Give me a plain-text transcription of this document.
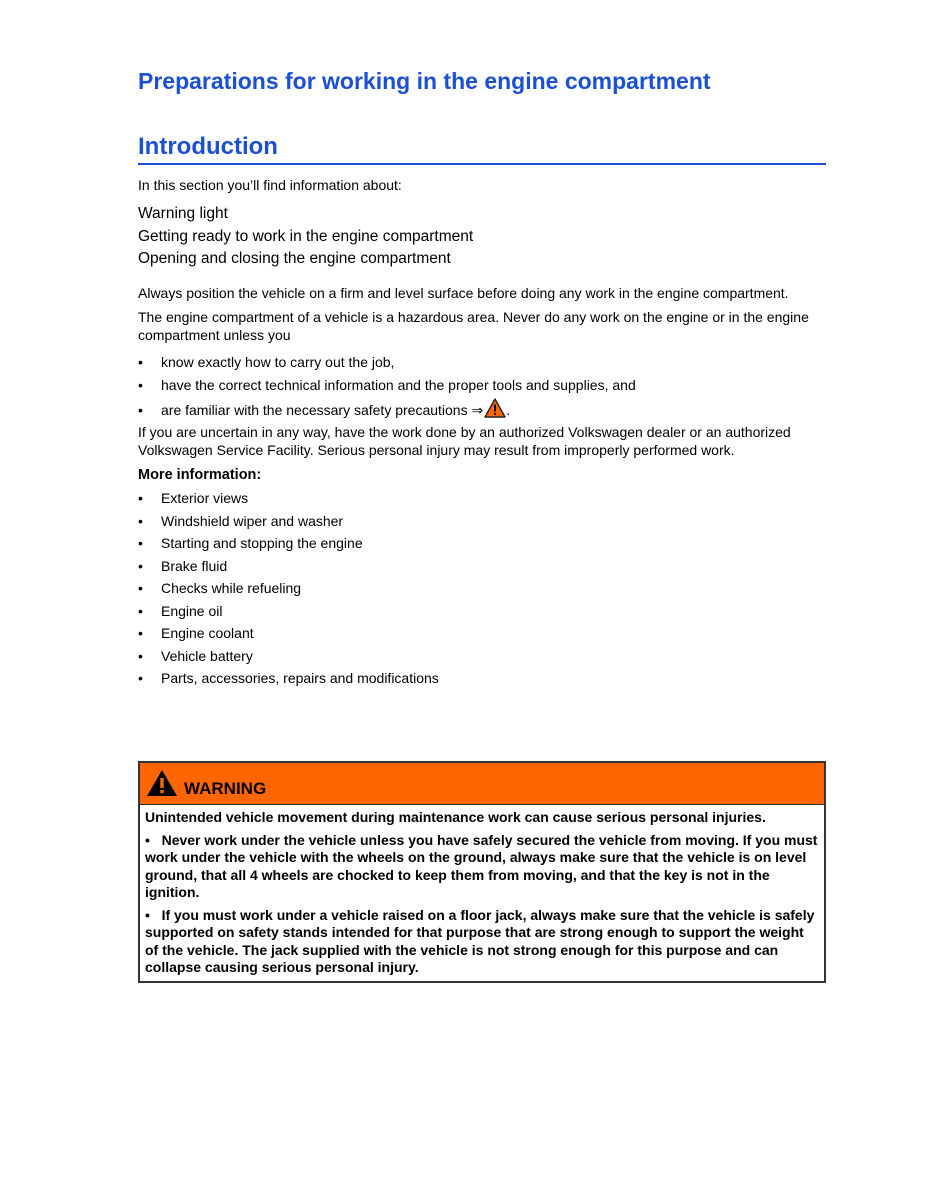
Preparations for working in the engine compartment
Introduction

In this section you’ll find information about:

Warning light
Getting ready to work in the engine compartment
Opening and closing the engine compartment

Always position the vehicle on a firm and level surface before doing any work in the engine compartment.

The engine compartment of a vehicle is a hazardous area. Never do any work on the engine or in the engine compartment unless you

• know exactly how to carry out the job,
• have the correct technical information and the proper tools and supplies, and
• are familiar with the necessary safety precautions ⇒ .

If you are uncertain in any way, have the work done by an authorized Volkswagen dealer or an authorized Volkswagen Service Facility. Serious personal injury may result from improperly performed work.

More information:
• Exterior views
• Windshield wiper and washer
• Starting and stopping the engine
• Brake fluid
• Checks while refueling
• Engine oil
• Engine coolant
• Vehicle battery
• Parts, accessories, repairs and modifications
WARNING

Unintended vehicle movement during maintenance work can cause serious personal injuries.

• Never work under the vehicle unless you have safely secured the vehicle from moving. If you must work under the vehicle with the wheels on the ground, always make sure that the vehicle is on level ground, that all 4 wheels are chocked to keep them from moving, and that the key is not in the ignition.

• If you must work under a vehicle raised on a floor jack, always make sure that the vehicle is safely supported on safety stands intended for that purpose that are strong enough to support the weight of the vehicle. The jack supplied with the vehicle is not strong enough for this purpose and can collapse causing serious personal injury.
